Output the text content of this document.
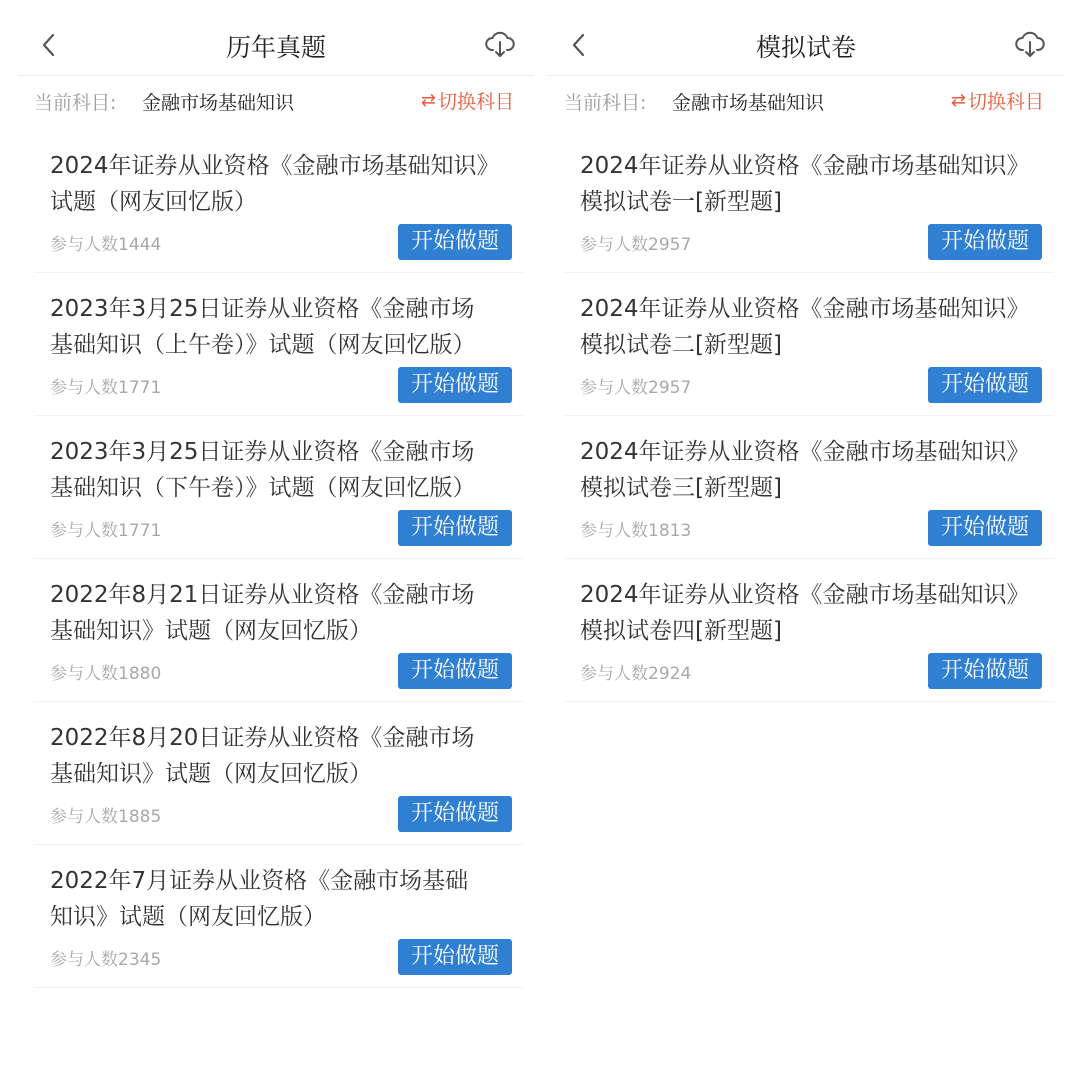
历年真题
当前科目: 金融市场基础知识	⇄ 切换科目
2024年证券从业资格《金融市场基础知识》试题（网友回忆版）
参与人数1444	开始做题
2023年3月25日证券从业资格《金融市场基础知识（上午卷）》试题（网友回忆版）
参与人数1771	开始做题
2023年3月25日证券从业资格《金融市场基础知识（下午卷）》试题（网友回忆版）
参与人数1771	开始做题
2022年8月21日证券从业资格《金融市场基础知识》试题（网友回忆版）
参与人数1880	开始做题
2022年8月20日证券从业资格《金融市场基础知识》试题（网友回忆版）
参与人数1885	开始做题
2022年7月证券从业资格《金融市场基础知识》试题（网友回忆版）
参与人数2345	开始做题
模拟试卷
当前科目: 金融市场基础知识	⇄ 切换科目
2024年证券从业资格《金融市场基础知识》模拟试卷一[新型题]
参与人数2957	开始做题
2024年证券从业资格《金融市场基础知识》模拟试卷二[新型题]
参与人数2957	开始做题
2024年证券从业资格《金融市场基础知识》模拟试卷三[新型题]
参与人数1813	开始做题
2024年证券从业资格《金融市场基础知识》模拟试卷四[新型题]
参与人数2924	开始做题
